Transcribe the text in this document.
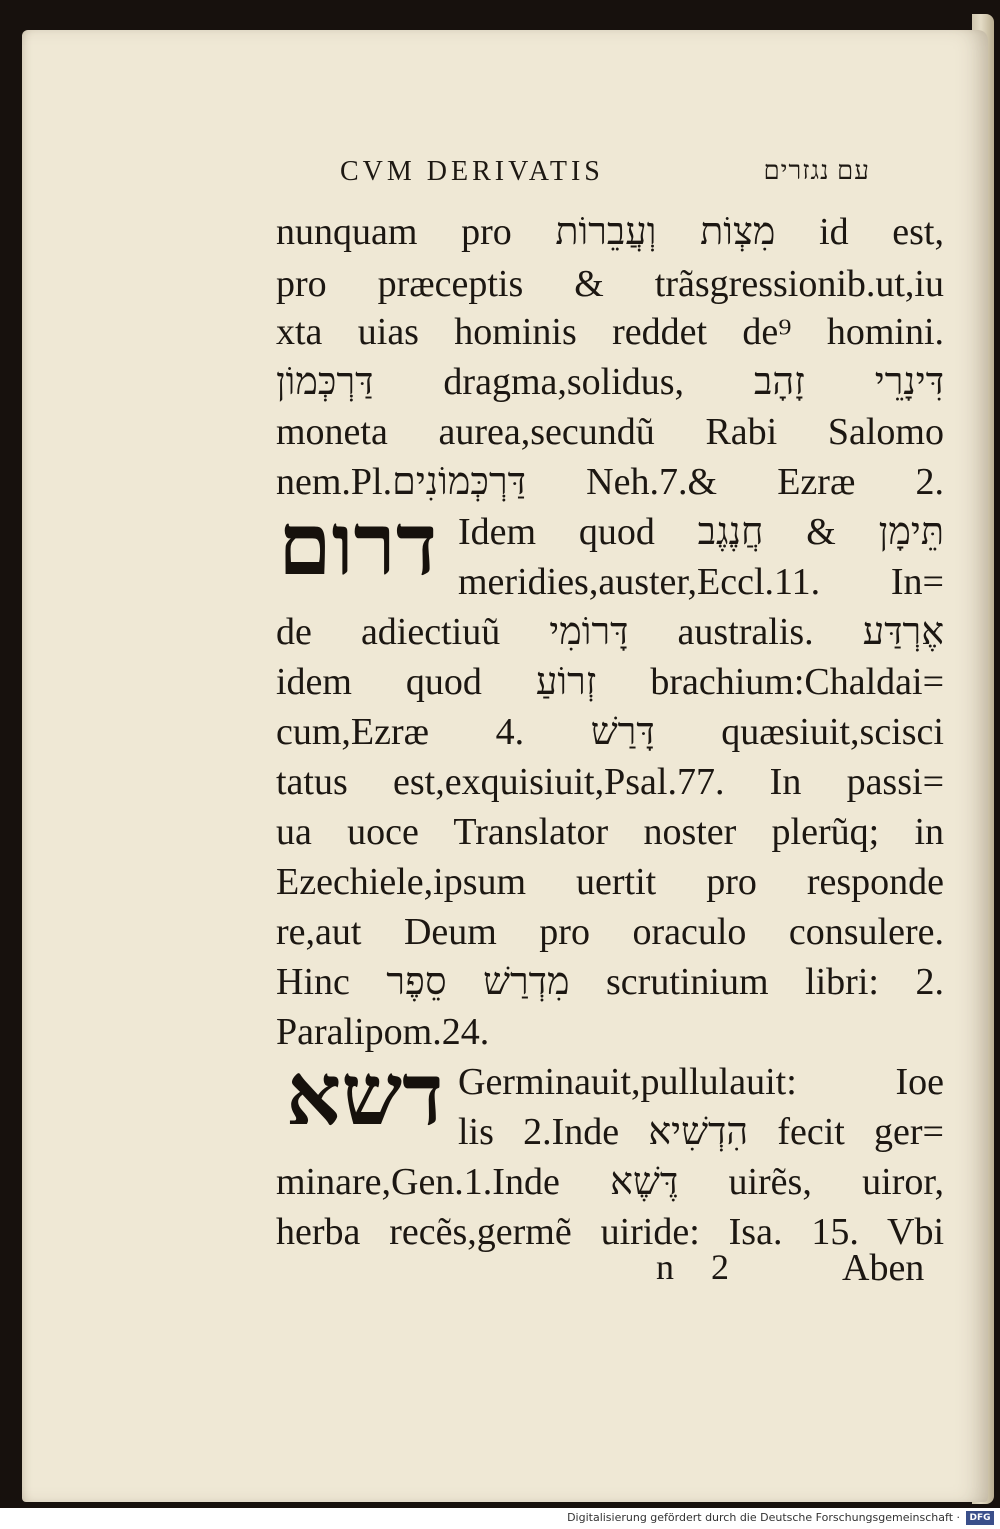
CVM DERIVATIS	עם נגזרים
דרום
דשא
nunquam pro מִצְוֹת וְעֲבֵרוֹת id est,
pro præceptis & trãsgressionib.ut,iu
xta uias hominis reddet de⁹ homini.
דַּרְכְּמוֹן dragma,solidus, דִּינָרֵי זָהָב
moneta aurea,secundũ Rabi Salomo
nem.Pl.דַּרְכְּמוֹנִים Neh.7.& Ezræ 2.
Idem quod תֵּימָן & חֲנֶגֶב
meridies,auster,Eccl.11. In=
de adiectiuũ דָּרוֹמִי australis. אֶרְדַּע
idem quod זְרוֹעַ brachium:Chaldai=
cum,Ezræ 4. דָּרַשׁ quæsiuit,scisci
tatus est,exquisiuit,Psal.77. In passi=
ua uoce Translator noster plerũq; in
Ezechiele,ipsum uertit pro responde
re,aut Deum pro oraculo consulere.
Hinc מִדְרַשׁ סֵפֶר scrutinium libri: 2.
Paralipom.24.
Germinauit,pullulauit: Ioe
lis 2.Inde הִדְשִׁיא fecit ger=
minare,Gen.1.Inde דֶּשֶׁא uirẽs, uiror,
herba recẽs,germẽ uiride: Isa. 15. Vbi
n 2	Aben
Digitalisierung gefördert durch die Deutsche Forschungsgemeinschaft ·	DFG
